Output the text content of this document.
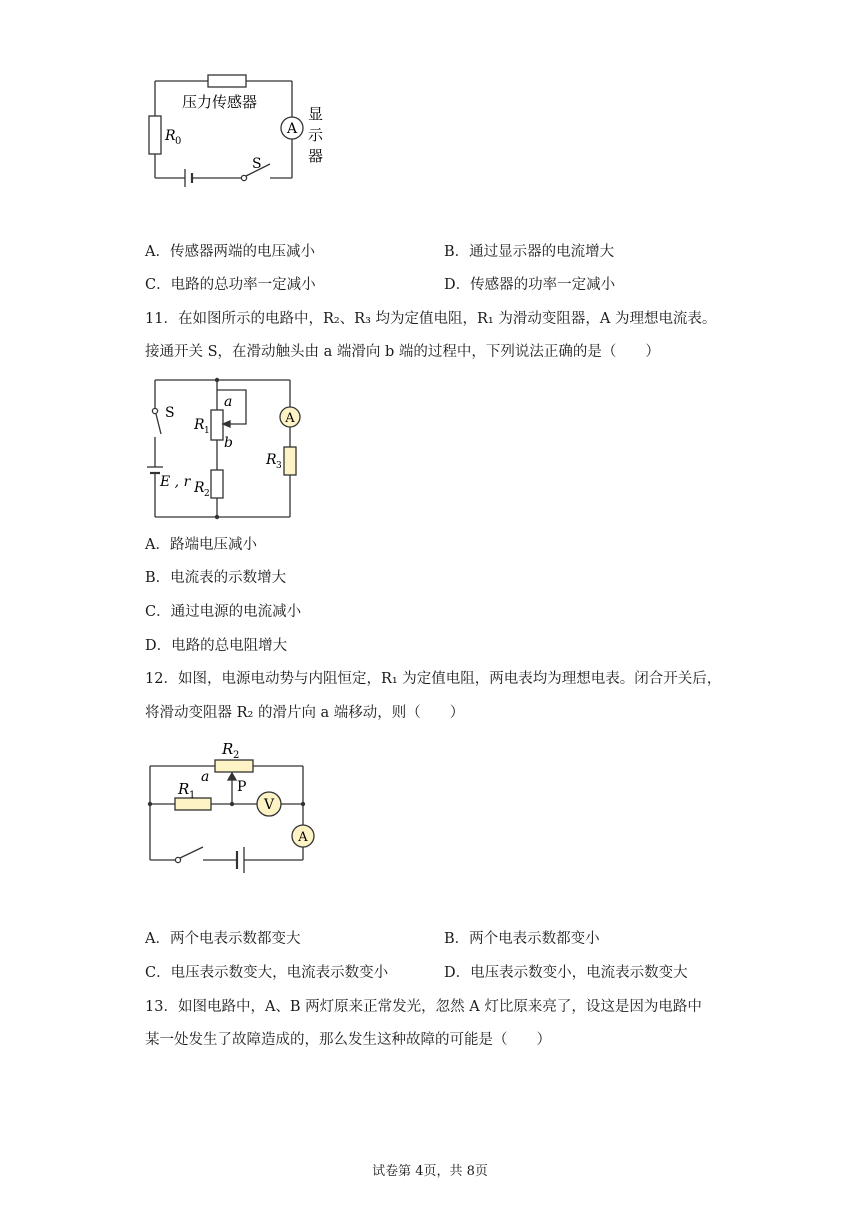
A
压力传感器
R 0
S
显
示
器
A．传感器两端的电压减小	B．通过显示器的电流增大
C．电路的总功率一定减小	D．传感器的功率一定减小
11．在如图所示的电路中，R₂、R₃ 均为定值电阻，R₁ 为滑动变阻器，A 为理想电流表。
接通开关 S，在滑动触头由 a 端滑向 b 端的过程中，下列说法正确的是（　　）
A
S
a
b
R 1
R 2
R 3
E , r
A．路端电压减小
B．电流表的示数增大
C．通过电源的电流减小
D．电路的总电阻增大
12．如图，电源电动势与内阻恒定，R₁ 为定值电阻，两电表均为理想电表。闭合开关后，
将滑动变阻器 R₂ 的滑片向 a 端移动，则（　　）
V
A
R 2
a
P
R 1
A．两个电表示数都变大	B．两个电表示数都变小
C．电压表示数变大，电流表示数变小	D．电压表示数变小，电流表示数变大
13．如图电路中，A、B 两灯原来正常发光，忽然 A 灯比原来亮了，设这是因为电路中
某一处发生了故障造成的，那么发生这种故障的可能是（　　）
试卷第 4页，共 8页
